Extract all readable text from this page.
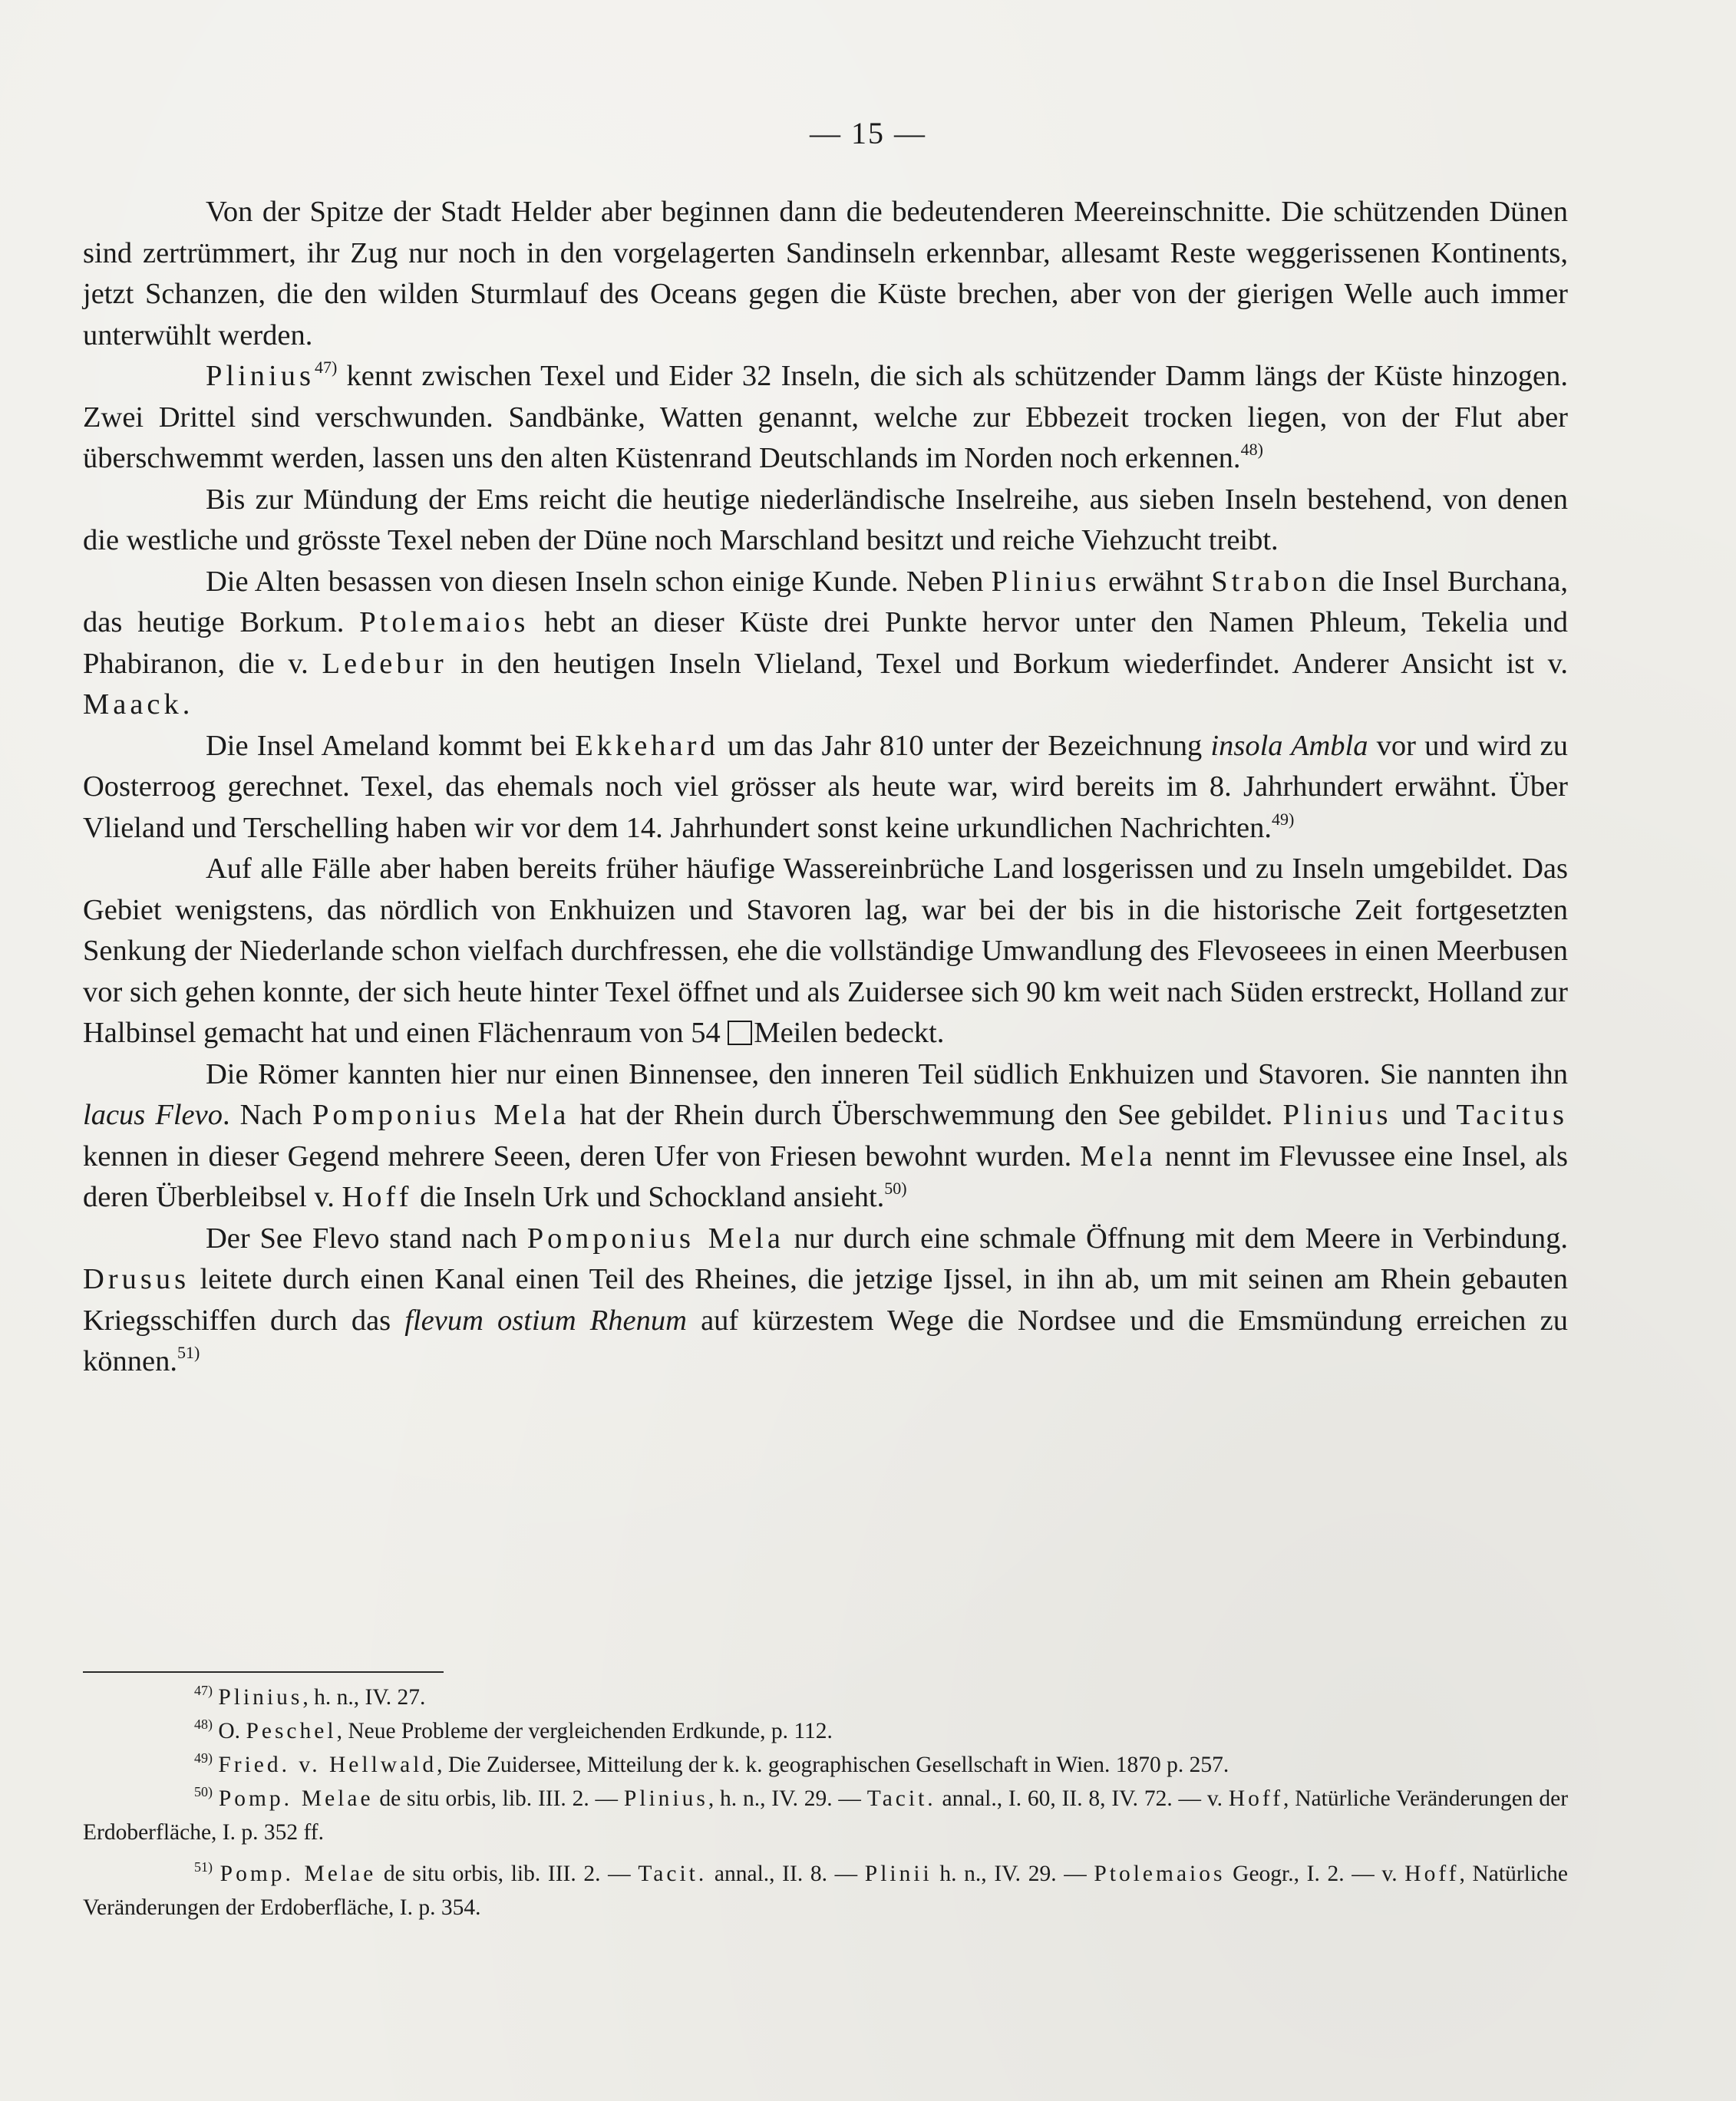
— 15 —

Von der Spitze der Stadt Helder aber beginnen dann die bedeutenderen Meereinschnitte. Die schützenden Dünen sind zertrümmert, ihr Zug nur noch in den vorgelagerten Sandinseln erkennbar, allesamt Reste weggerissenen Kontinents, jetzt Schanzen, die den wilden Sturmlauf des Oceans gegen die Küste brechen, aber von der gierigen Welle auch immer unterwühlt werden.

Plinius$^{47)}$ kennt zwischen Texel und Eider 32 Inseln, die sich als schützender Damm längs der Küste hinzogen. Zwei Drittel sind verschwunden. Sandbänke, Watten genannt, welche zur Ebbezeit trocken liegen, von der Flut aber überschwemmt werden, lassen uns den alten Küstenrand Deutschlands im Norden noch erkennen.$^{48)}$

Bis zur Mündung der Ems reicht die heutige niederländische Inselreihe, aus sieben Inseln bestehend, von denen die westliche und grösste Texel neben der Düne noch Marschland besitzt und reiche Viehzucht treibt.

Die Alten besassen von diesen Inseln schon einige Kunde. Neben Plinius erwähnt Strabon die Insel Burchana, das heutige Borkum. Ptolemaios hebt an dieser Küste drei Punkte hervor unter den Namen Phleum, Tekelia und Phabiranon, die v. Ledebur in den heutigen Inseln Vlieland, Texel und Borkum wiederfindet. Anderer Ansicht ist v. Maack.

Die Insel Ameland kommt bei Ekkehard um das Jahr 810 unter der Bezeichnung insola Ambla vor und wird zu Oosterroog gerechnet. Texel, das ehemals noch viel grösser als heute war, wird bereits im 8. Jahrhundert erwähnt. Über Vlieland und Terschelling haben wir vor dem 14. Jahrhundert sonst keine urkundlichen Nachrichten.$^{49)}$

Auf alle Fälle aber haben bereits früher häufige Wassereinbrüche Land losgerissen und zu Inseln umgebildet. Das Gebiet wenigstens, das nördlich von Enkhuizen und Stavoren lag, war bei der bis in die historische Zeit fortgesetzten Senkung der Niederlande schon vielfach durchfressen, ehe die vollständige Umwandlung des Flevoseees in einen Meerbusen vor sich gehen konnte, der sich heute hinter Texel öffnet und als Zuidersee sich 90 km weit nach Süden erstreckt, Holland zur Halbinsel gemacht hat und einen Flächenraum von 54 Meilen bedeckt.

Die Römer kannten hier nur einen Binnensee, den inneren Teil südlich Enkhuizen und Stavoren. Sie nannten ihn lacus Flevo. Nach Pomponius Mela hat der Rhein durch Überschwemmung den See gebildet. Plinius und Tacitus kennen in dieser Gegend mehrere Seeen, deren Ufer von Friesen bewohnt wurden. Mela nennt im Flevussee eine Insel, als deren Überbleibsel v. Hoff die Inseln Urk und Schockland ansieht.$^{50)}$

Der See Flevo stand nach Pomponius Mela nur durch eine schmale Öffnung mit dem Meere in Verbindung. Drusus leitete durch einen Kanal einen Teil des Rheines, die jetzige Ijssel, in ihn ab, um mit seinen am Rhein gebauten Kriegsschiffen durch das flevum ostium Rhenum auf kürzestem Wege die Nordsee und die Emsmündung erreichen zu können.$^{51)}$

$^{47)}$ Plinius, h. n., IV. 27.

$^{48)}$ O. Peschel, Neue Probleme der vergleichenden Erdkunde, p. 112.

$^{49)}$ Fried. v. Hellwald, Die Zuidersee, Mitteilung der k. k. geographischen Gesellschaft in Wien. 1870 p. 257.

$^{50)}$ Pomp. Melae de situ orbis, lib. III. 2. — Plinius, h. n., IV. 29. — Tacit. annal., I. 60, II. 8, IV. 72. — v. Hoff, Natürliche Veränderungen der Erdoberfläche, I. p. 352 ff.

$^{51)}$ Pomp. Melae de situ orbis, lib. III. 2. — Tacit. annal., II. 8. — Plinii h. n., IV. 29. — Ptolemaios Geogr., I. 2. — v. Hoff, Natürliche Veränderungen der Erdoberfläche, I. p. 354.
